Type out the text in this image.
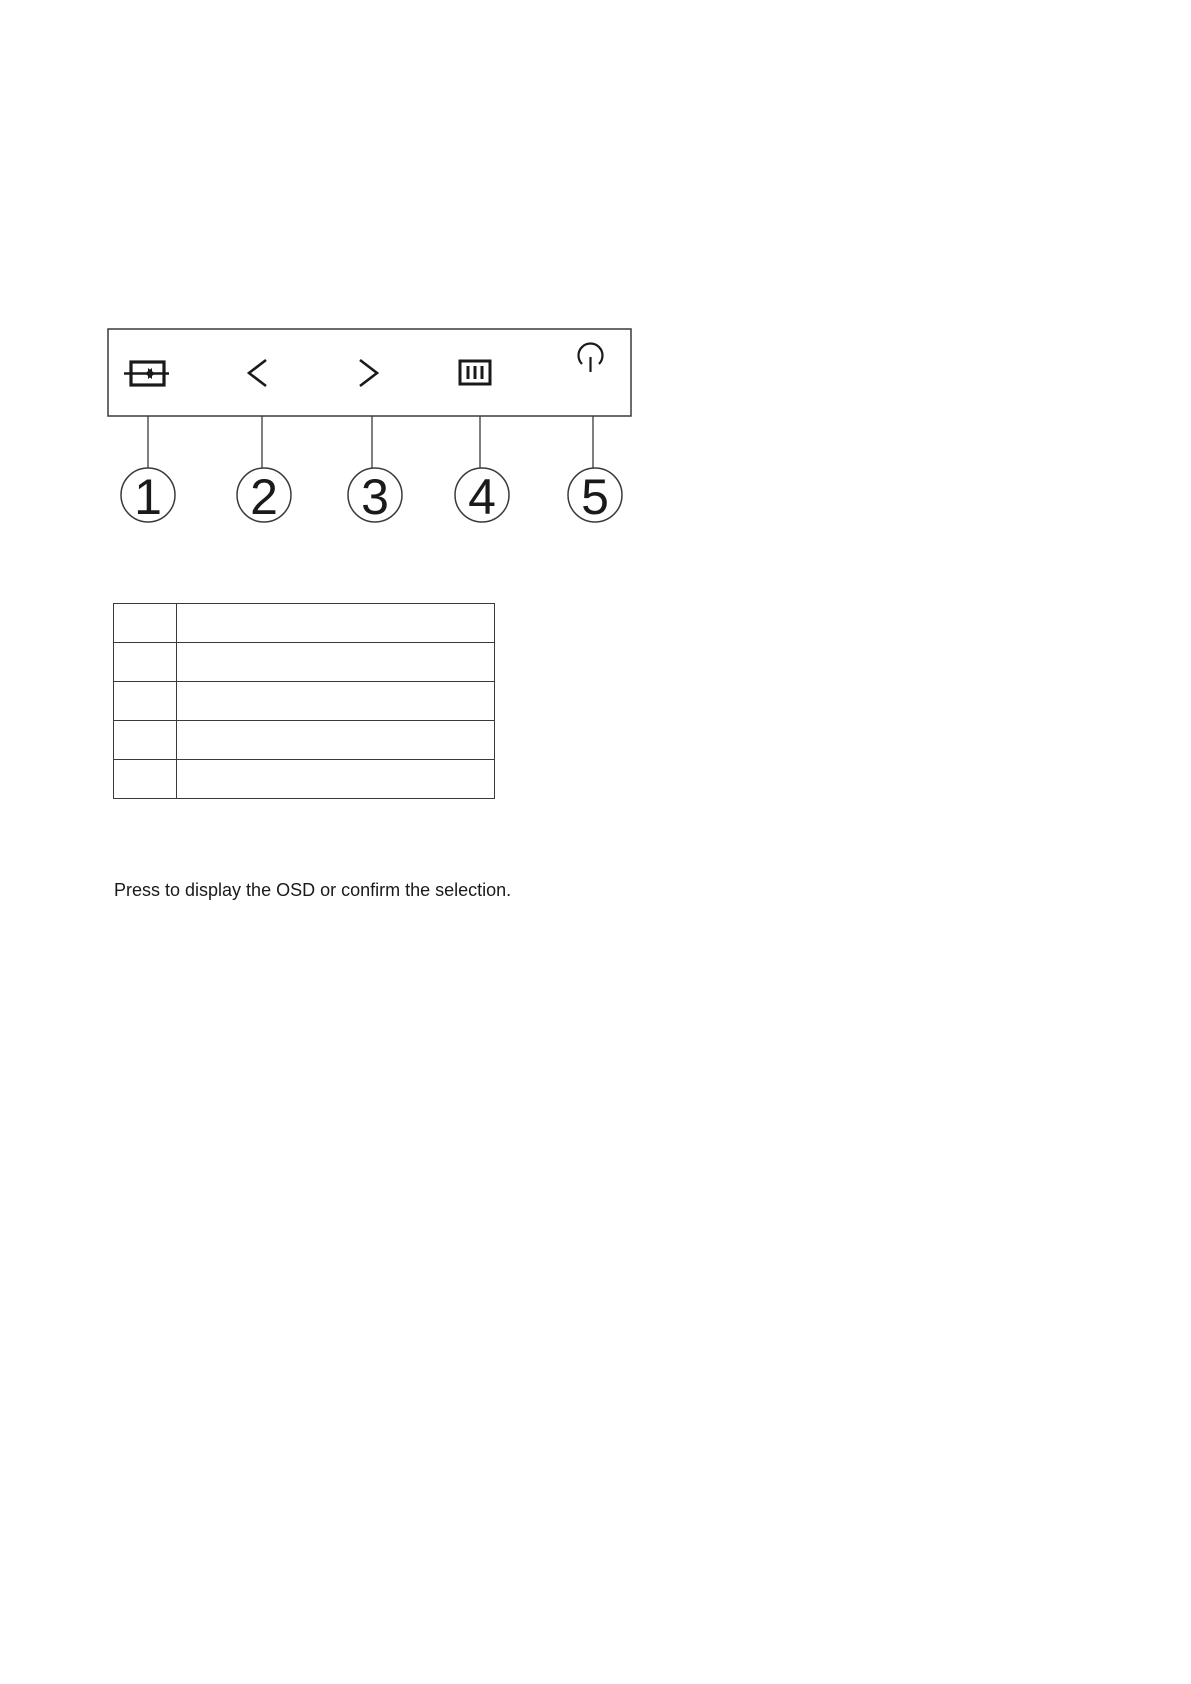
1 2 3 4 5

Press to display the OSD or confirm the selection.
